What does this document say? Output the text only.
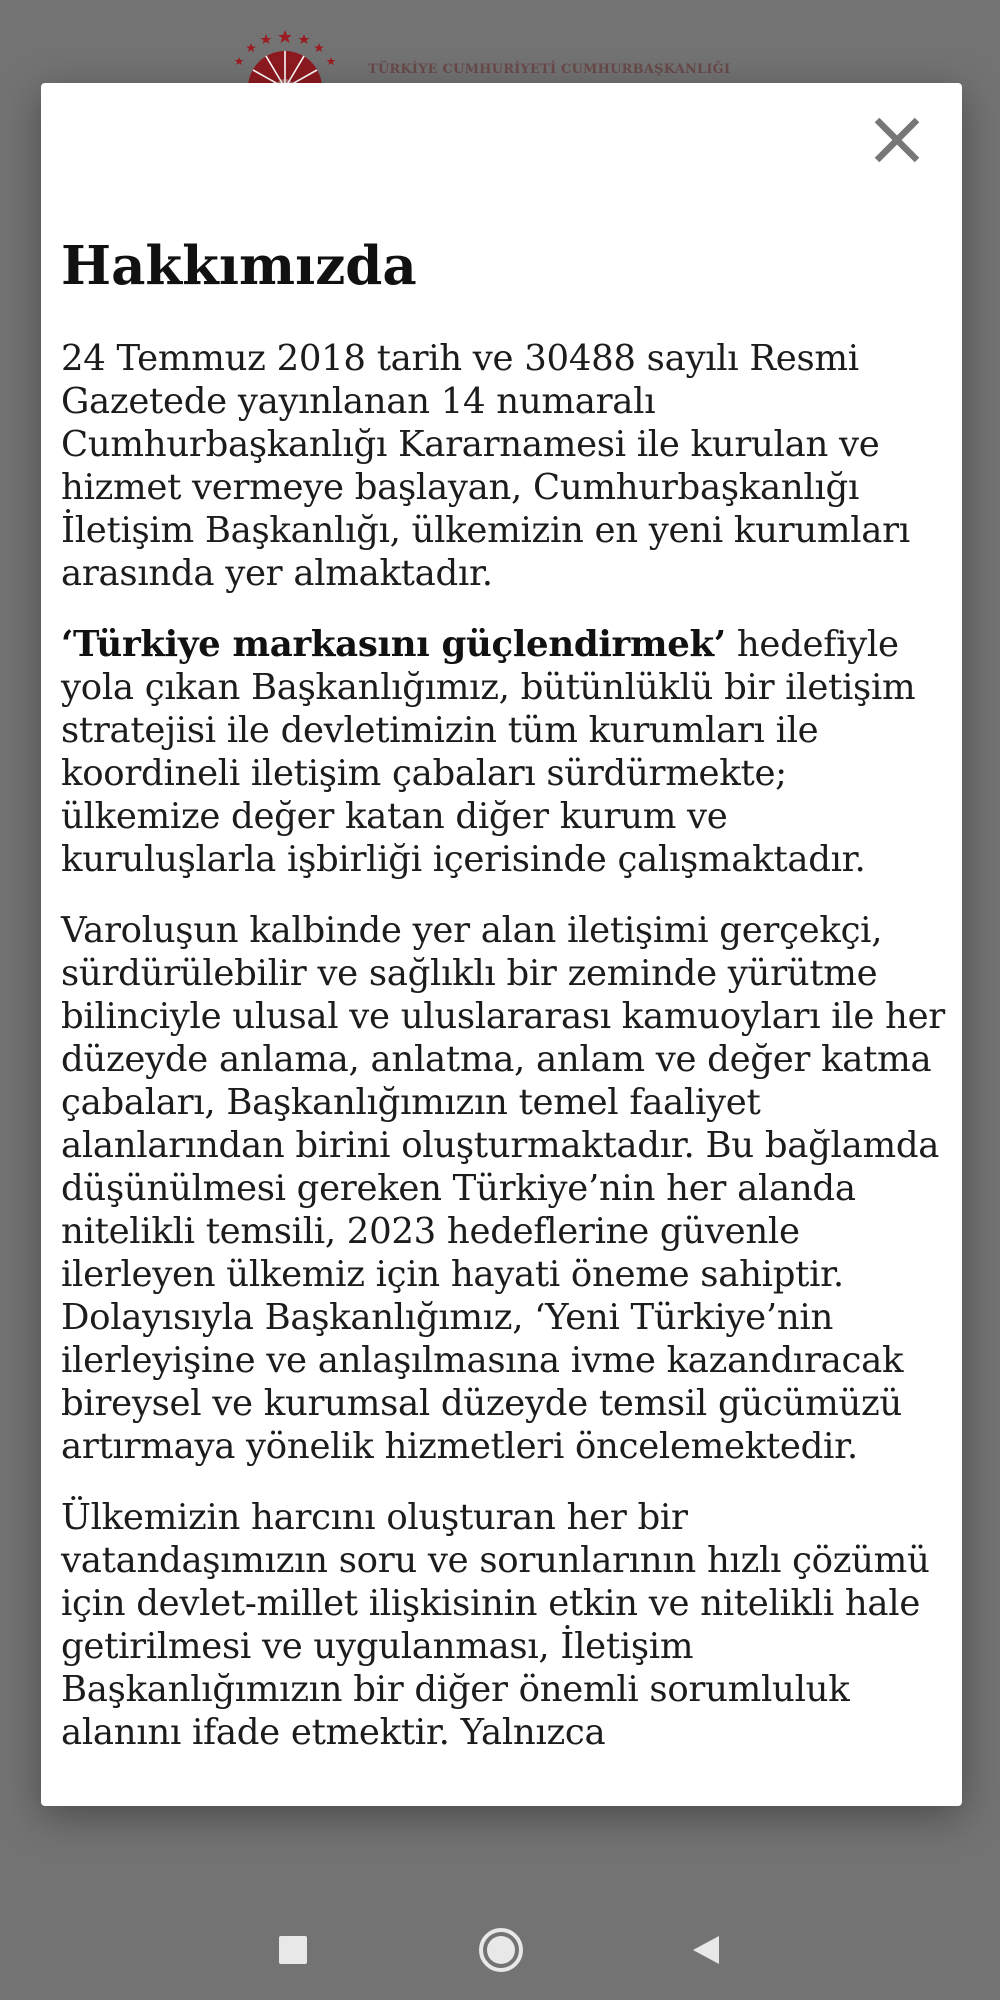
TÜRKİYE CUMHURİYETİ CUMHURBAŞKANLIĞI
Hakkımızda

24 Temmuz 2018 tarih ve 30488 sayılı Resmi Gazetede yayınlanan 14 numaralı Cumhurbaşkanlığı Kararnamesi ile kurulan ve hizmet vermeye başlayan, Cumhurbaşkanlığı İletişim Başkanlığı, ülkemizin en yeni kurumları arasında yer almaktadır.

‘Türkiye markasını güçlendirmek’ hedefiyle yola çıkan Başkanlığımız, bütünlüklü bir iletişim stratejisi ile devletimizin tüm kurumları ile koordineli iletişim çabaları sürdürmekte; ülkemize değer katan diğer kurum ve kuruluşlarla işbirliği içerisinde çalışmaktadır.

Varoluşun kalbinde yer alan iletişimi gerçekçi, sürdürülebilir ve sağlıklı bir zeminde yürütme bilinciyle ulusal ve uluslararası kamuoyları ile her düzeyde anlama, anlatma, anlam ve değer katma çabaları, Başkanlığımızın temel faaliyet alanlarından birini oluşturmaktadır. Bu bağlamda düşünülmesi gereken Türkiye’nin her alanda nitelikli temsili, 2023 hedeflerine güvenle ilerleyen ülkemiz için hayati öneme sahiptir. Dolayısıyla Başkanlığımız, ‘Yeni Türkiye’nin ilerleyişine ve anlaşılmasına ivme kazandıracak bireysel ve kurumsal düzeyde temsil gücümüzü artırmaya yönelik hizmetleri öncelemektedir.

Ülkemizin harcını oluşturan her bir vatandaşımızın soru ve sorunlarının hızlı çözümü için devlet-millet ilişkisinin etkin ve nitelikli hale getirilmesi ve uygulanması, İletişim Başkanlığımızın bir diğer önemli sorumluluk alanını ifade etmektir. Yalnızca
